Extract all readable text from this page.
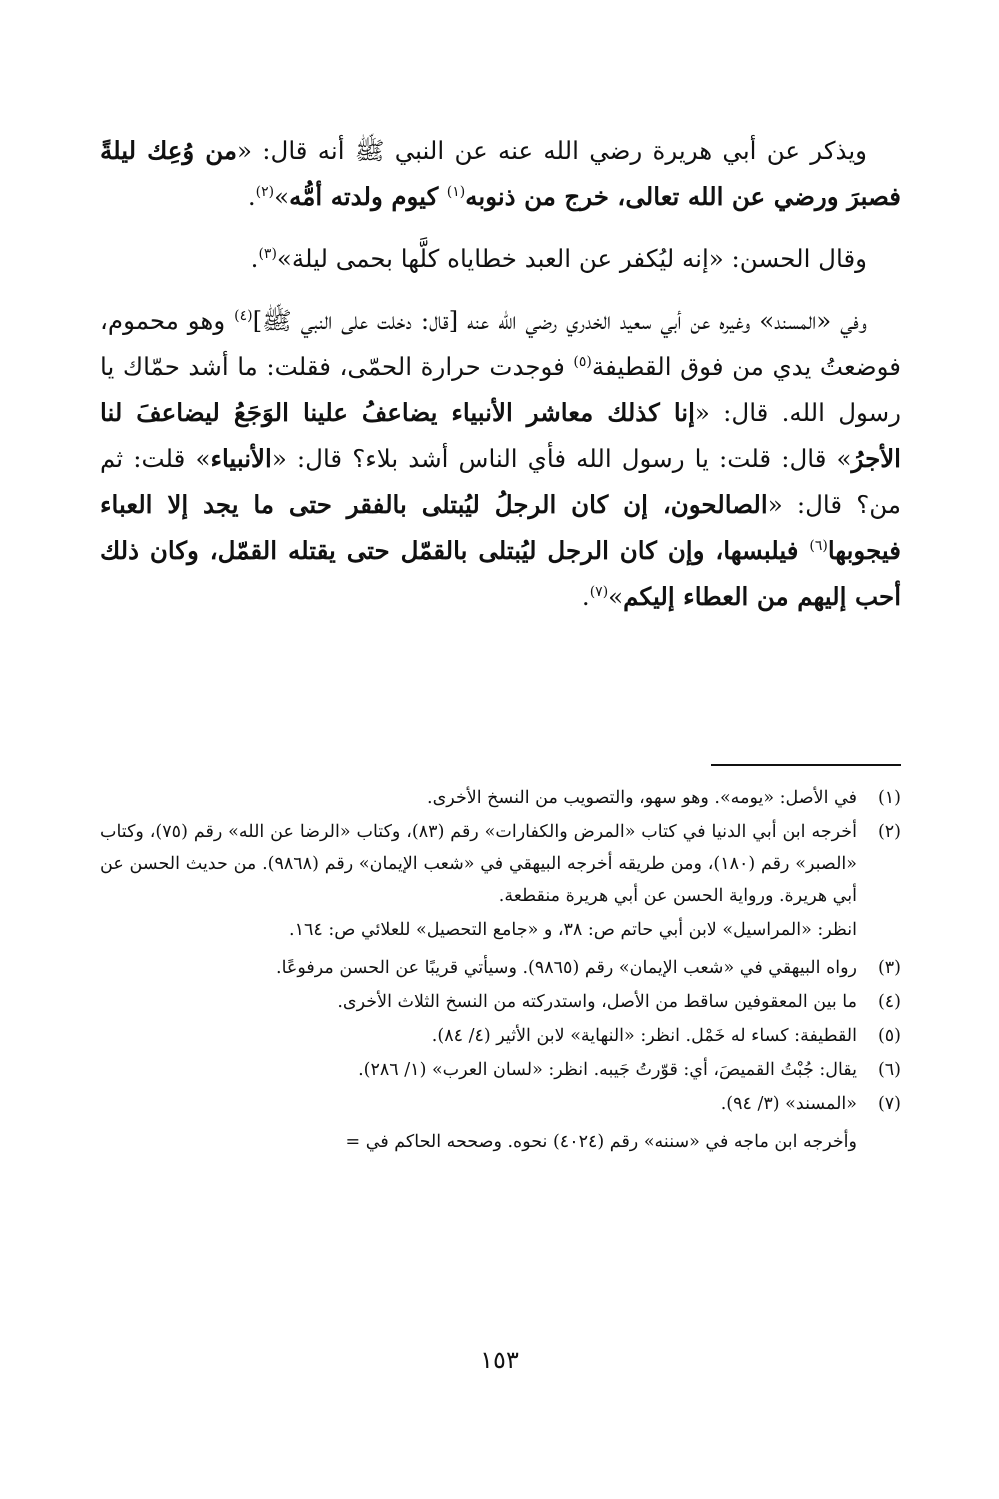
ويذكر عن أبي هريرة رضي الله عنه عن النبي ﷺ أنه قال: «من وُعِك ليلةً فصبرَ ورضي عن الله تعالى، خرج من ذنوبه$^{(١)}$ كيوم ولدته أمُّه»$^{(٢)}$.

وقال الحسن: «إنه ليُكفر عن العبد خطاياه كلَّها بحمى ليلة»$^{(٣)}$.

وفي «المسند» وغيره عن أبي سعيد الخدري رضي الله عنه [قال: دخلت على النبي ﷺ]$^{(٤)}$ وهو محموم، فوضعتُ يدي من فوق القطيفة$^{(٥)}$ فوجدت حرارة الحمّى، فقلت: ما أشد حمّاك يا رسول الله. قال: «إنا كذلك معاشر الأنبياء يضاعفُ علينا الوَجَعُ ليضاعفَ لنا الأجرُ» قال: قلت: يا رسول الله فأي الناس أشد بلاء؟ قال: «الأنبياء» قلت: ثم من؟ قال: «الصالحون، إن كان الرجلُ ليُبتلى بالفقر حتى ما يجد إلا العباء فيجوبها$^{(٦)}$ فيلبسها، وإن كان الرجل ليُبتلى بالقمّل حتى يقتله القمّل، وكان ذلك أحب إليهم من العطاء إليكم»$^{(٧)}$.

(١)
في الأصل: «يومه». وهو سهو، والتصويب من النسخ الأخرى.
(٢)
أخرجه ابن أبي الدنيا في كتاب «المرض والكفارات» رقم (٨٣)، وكتاب «الرضا عن الله» رقم (٧٥)، وكتاب «الصبر» رقم (١٨٠)، ومن طريقه أخرجه البيهقي في «شعب الإيمان» رقم (٩٨٦٨). من حديث الحسن عن أبي هريرة. ورواية الحسن عن أبي هريرة منقطعة.
انظر: «المراسيل» لابن أبي حاتم ص: ٣٨، و «جامع التحصيل» للعلائي ص: ١٦٤.
(٣)
رواه البيهقي في «شعب الإيمان» رقم (٩٨٦٥). وسيأتي قريبًا عن الحسن مرفوعًا.
(٤)
ما بين المعقوفين ساقط من الأصل، واستدركته من النسخ الثلاث الأخرى.
(٥)
القطيفة: كساء له خَمْل. انظر: «النهاية» لابن الأثير (٤/ ٨٤).
(٦)
يقال: جُبْتُ القميصَ، أي: قوّرتُ جَيبه. انظر: «لسان العرب» (١/ ٢٨٦).
(٧)
«المسند» (٣/ ٩٤).
وأخرجه ابن ماجه في «سننه» رقم (٤٠٢٤) نحوه. وصححه الحاكم في =
١٥٣
